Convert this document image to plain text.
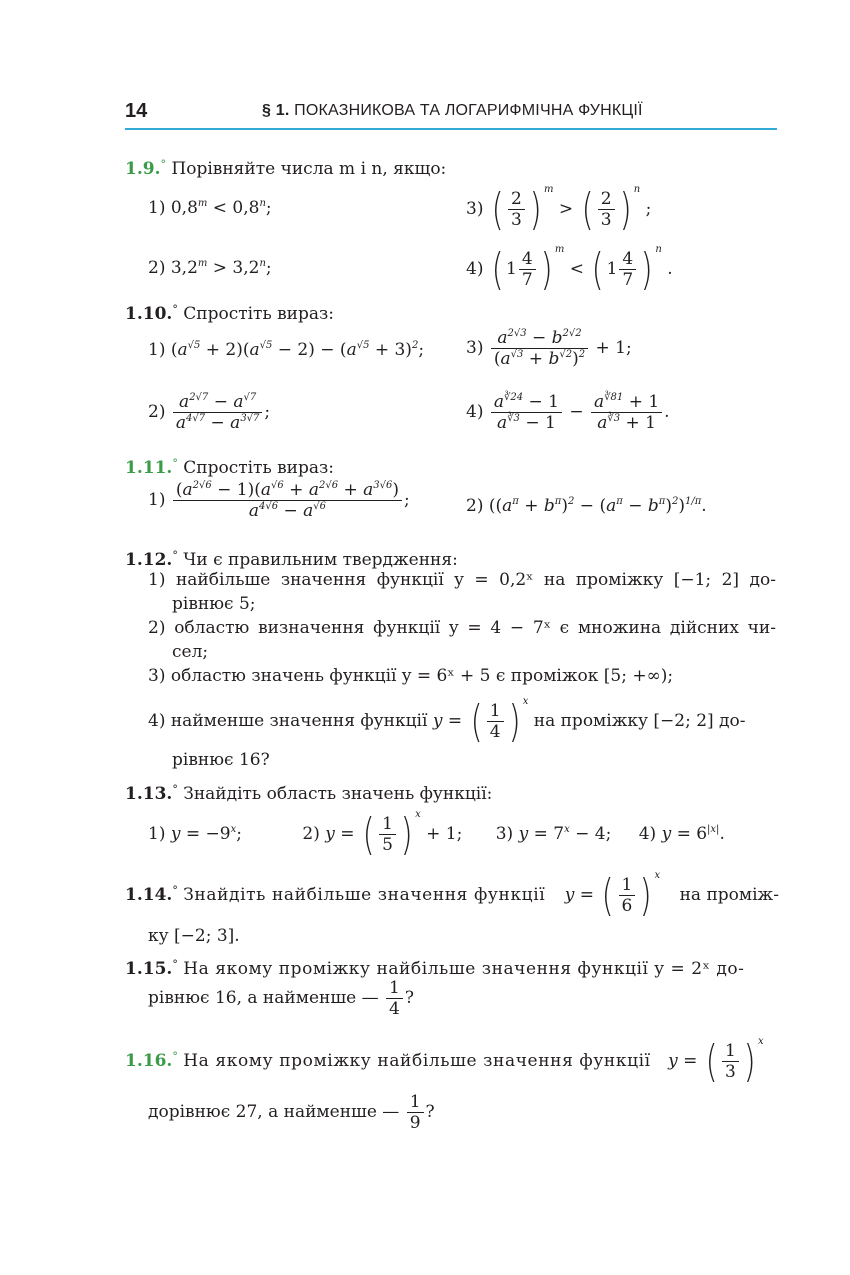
14	§ 1. ПОКАЗНИКОВА ТА ЛОГАРИФМІЧНА ФУНКЦІЇ
1.9.° Порівняйте числа m і n, якщо:
1) $0,8^m < 0,8^n$;	3) ( $\frac{2}{3}$ ) $^m$ > ( $\frac{2}{3}$ ) $^n$ ;
2) $3,2^m > 3,2^n$;	4) ( $1 \frac{4}{7}$ ) $^m$ < ( $1 \frac{4}{7}$ ) $^n$ .
1.10.° Спростіть вираз:
1) $(a^{√5} + 2)(a^{√5} - 2) - (a^{√5} + 3)^2$; $3) \frac{a^{2√3} - b^{2√2}}{(a^{√3} + b^{√2})^2} + 1$;
$2) \frac{a^{2√7} - a^{√7}}{a^{4√7} - a^{3√7}}$ ;	$4) \frac{a^{∛24} - 1}{a^{∛3} - 1} - \frac{a^{∛81} + 1}{a^{∛3} + 1}$ .
1.11.° Спростіть вираз:
$1) \frac{(a^{2√6} - 1)(a^{√6} + a^{2√6} + a^{3√6})}{a^{4√6} - a^{√6}}$ ;	2) $((a^\pi + b^\pi)^2 - (a^\pi - b^\pi)^2)^{1/\pi}$.
1.12.° Чи є правильним твердження:
1) найбільше значення функції y = 0,2ˣ на проміжку [−1; 2] до-
рівнює 5;
2) областю визначення функції y = 4 − 7ˣ є множина дійсних чи-
сел;
3) областю значень функції y = 6ˣ + 5 є проміжок [5; +∞);
4) найменше значення функції y = ( $\frac{1}{4}$ ) $^x$ на проміжку [−2; 2] до-
рівнює 16?
1.13.° Знайдіть область значень функції:
1) $y = -9^x$;	2) y = ( $\frac{1}{5}$ ) $^x$ + 1; 3) $y = 7^x - 4$; 4) $y = 6^{|x|}$.
1.14.° Знайдіть найбільше значення функції y = ( $\frac{1}{6}$ ) $^x$ на проміж-
ку [−2; 3].
1.15.° На якому проміжку найбільше значення функції y = 2ˣ до-
рівнює 16, а найменше — $\frac{1}{4}$ ?
1.16.° На якому проміжку найбільше значення функції y = ( $\frac{1}{3}$ ) $^x$
дорівнює 27, а найменше — $\frac{1}{9}$ ?
